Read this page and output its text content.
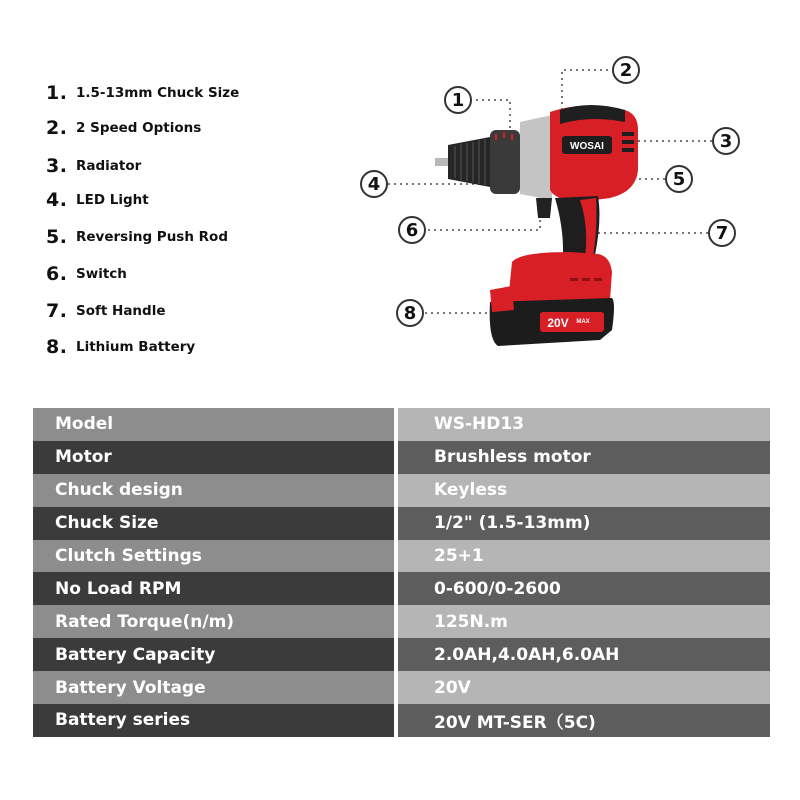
1. 1.5-13mm Chuck Size
2. 2 Speed Options
3. Radiator
4. LED Light
5. Reversing Push Rod
6. Switch
7. Soft Handle
8. Lithium Battery
WOSAI
20V MAX
1
2
3
4	5
6	7
8
Model	WS-HD13
Motor	Brushless motor
Chuck design	Keyless
Chuck Size	1/2" (1.5-13mm)
Clutch Settings	25+1
No Load RPM	0-600/0-2600
Rated Torque(n/m)	125N.m
Battery Capacity	2.0AH,4.0AH,6.0AH
Battery Voltage	20V
Battery series	20V MT-SER（5C)
